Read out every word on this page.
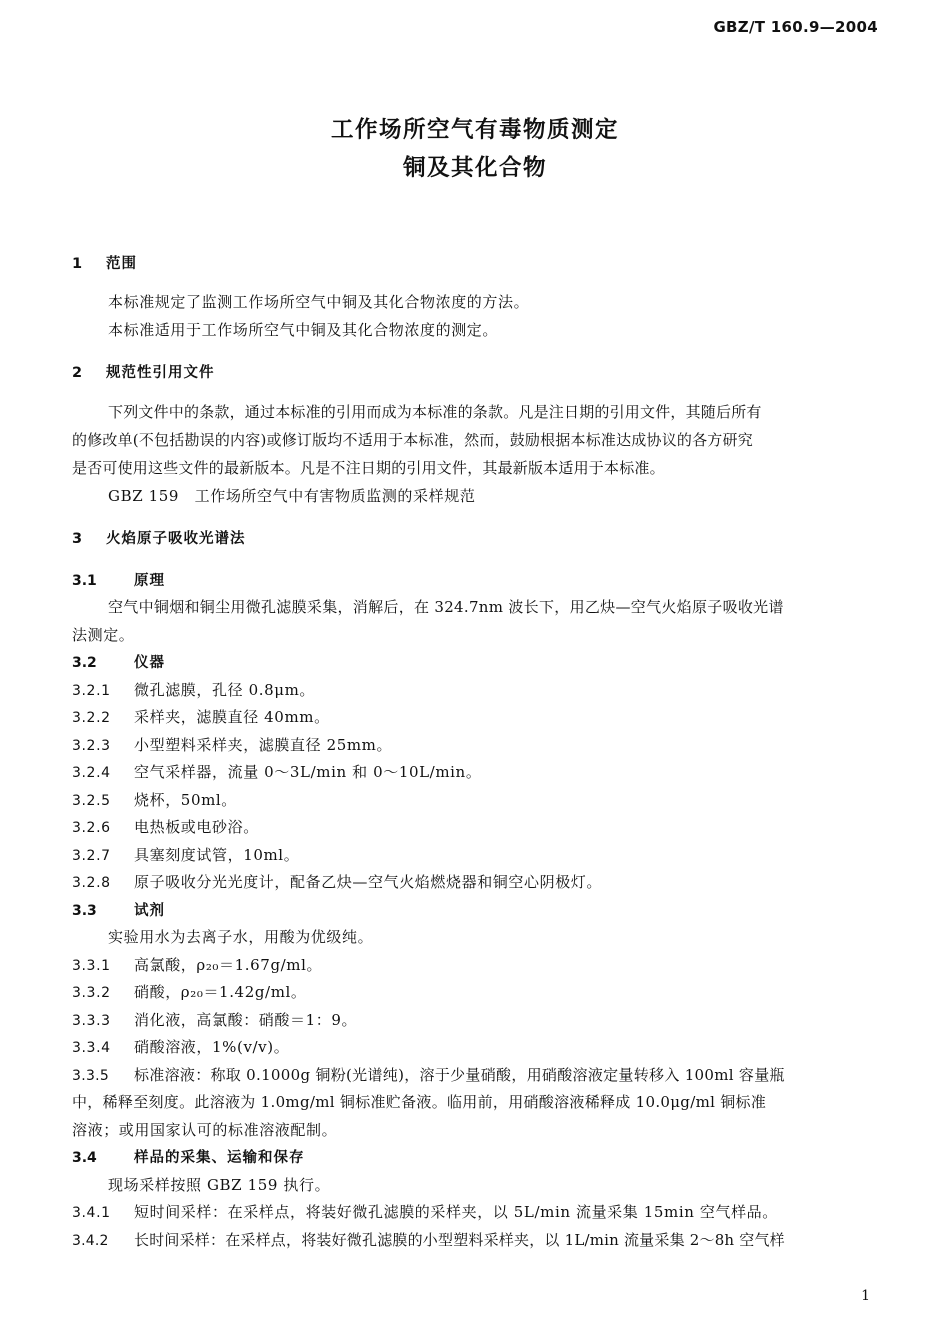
GBZ/T 160.9—2004
工作场所空气有毒物质测定
铜及其化合物
1 范围
本标准规定了监测工作场所空气中铜及其化合物浓度的方法。
本标准适用于工作场所空气中铜及其化合物浓度的测定。
2 规范性引用文件
下列文件中的条款，通过本标准的引用而成为本标准的条款。凡是注日期的引用文件，其随后所有
的修改单(不包括勘误的内容)或修订版均不适用于本标准，然而，鼓励根据本标准达成协议的各方研究
是否可使用这些文件的最新版本。凡是不注日期的引用文件，其最新版本适用于本标准。
GBZ 159　工作场所空气中有害物质监测的采样规范
3 火焰原子吸收光谱法
3.1	原理
空气中铜烟和铜尘用微孔滤膜采集，消解后，在 324.7nm 波长下，用乙炔—空气火焰原子吸收光谱
法测定。
3.2	仪器
3.2.1 微孔滤膜，孔径 0.8μm。
3.2.2 采样夹，滤膜直径 40mm。
3.2.3 小型塑料采样夹，滤膜直径 25mm。
3.2.4 空气采样器，流量 0～3L/min 和 0～10L/min。
3.2.5 烧杯，50ml。
3.2.6 电热板或电砂浴。
3.2.7 具塞刻度试管，10ml。
3.2.8 原子吸收分光光度计，配备乙炔—空气火焰燃烧器和铜空心阴极灯。
3.3	试剂
实验用水为去离子水，用酸为优级纯。
3.3.1 高氯酸，ρ₂₀＝1.67g/ml。
3.3.2 硝酸，ρ₂₀＝1.42g/ml。
3.3.3 消化液，高氯酸：硝酸＝1：9。
3.3.4 硝酸溶液，1%(v/v)。
3.3.5 标准溶液：称取 0.1000g 铜粉(光谱纯)，溶于少量硝酸，用硝酸溶液定量转移入 100ml 容量瓶
中，稀释至刻度。此溶液为 1.0mg/ml 铜标准贮备液。临用前，用硝酸溶液稀释成 10.0μg/ml 铜标准
溶液；或用国家认可的标准溶液配制。
3.4	样品的采集、运输和保存
现场采样按照 GBZ 159 执行。
3.4.1 短时间采样：在采样点，将装好微孔滤膜的采样夹，以 5L/min 流量采集 15min 空气样品。
3.4.2 长时间采样：在采样点，将装好微孔滤膜的小型塑料采样夹，以 1L/min 流量采集 2～8h 空气样
1
